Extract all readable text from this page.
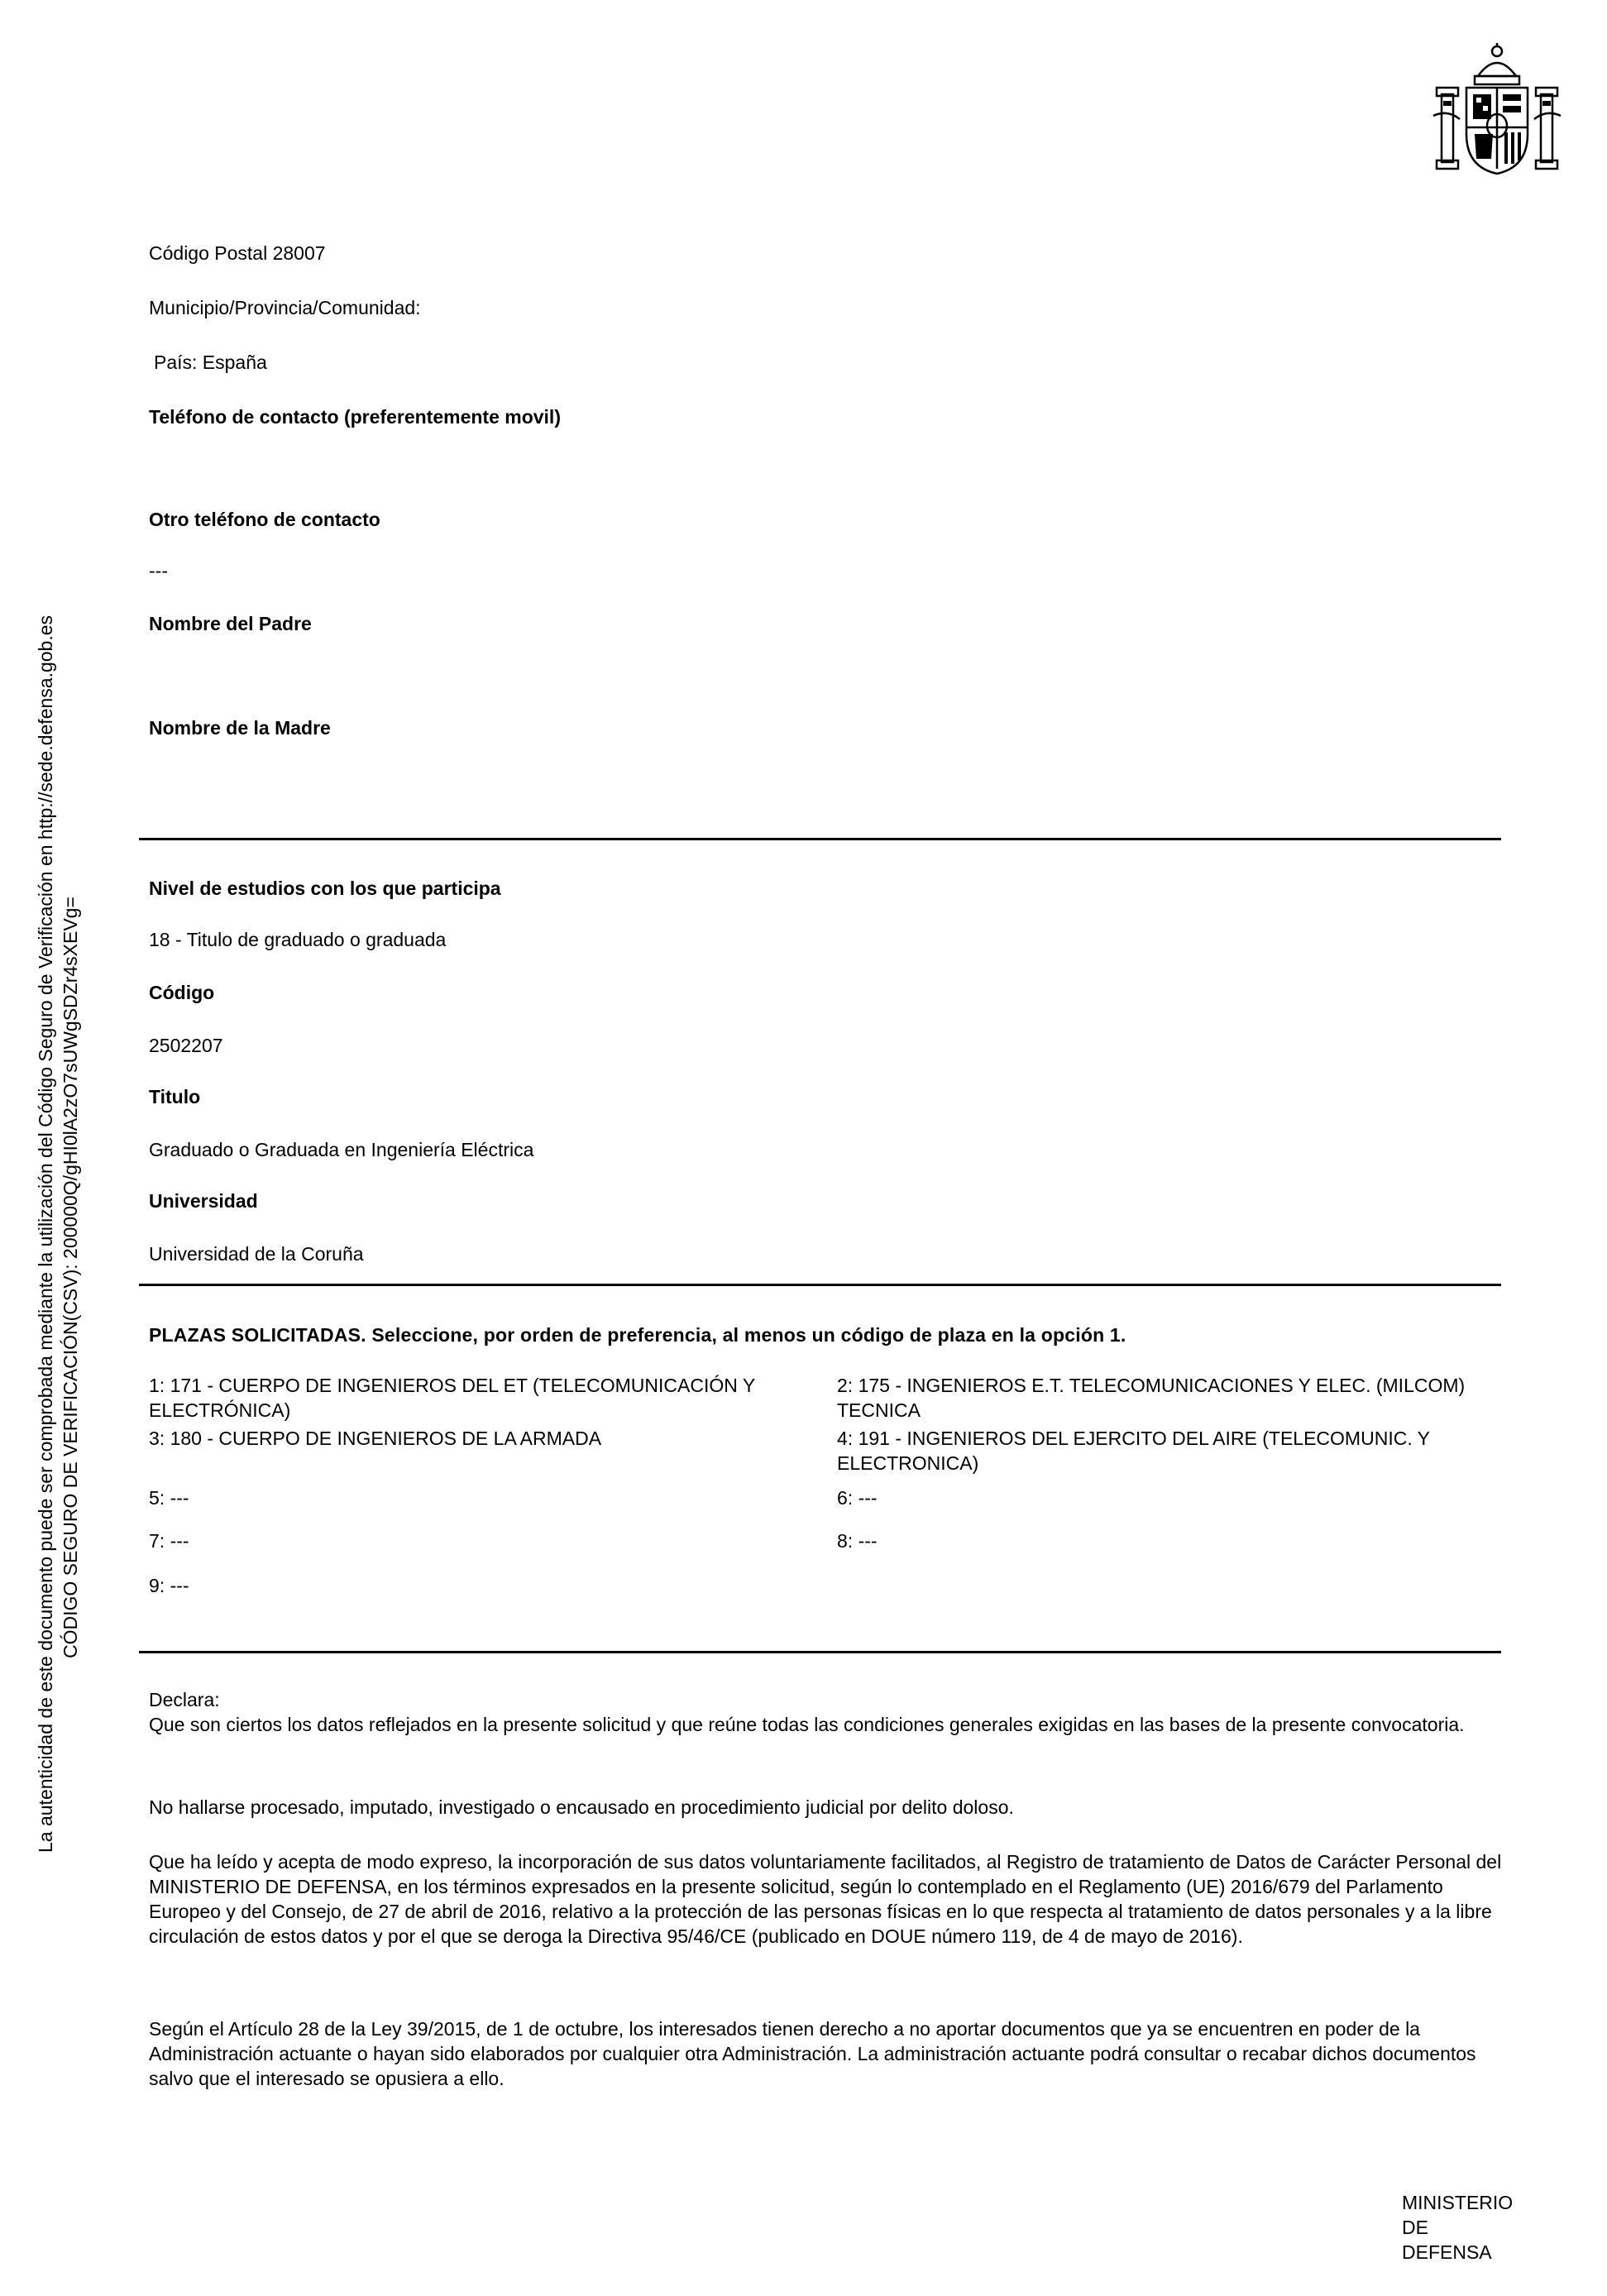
La autenticidad de este documento puede ser comprobada mediante la utilización del Código Seguro de Verificación en http://sede.defensa.gob.es CÓDIGO SEGURO DE VERIFICACIÓN(CSV): 200000Q/gHI0lA2zO7sUWgSDZr4sXEVg=
Código Postal 28007
Municipio/Provincia/Comunidad:
País: España
Teléfono de contacto (preferentemente movil)
Otro teléfono de contacto
---
Nombre del Padre
Nombre de la Madre
Nivel de estudios con los que participa
18 - Titulo de graduado o graduada
Código
2502207
Titulo
Graduado o Graduada en Ingeniería Eléctrica
Universidad
Universidad de la Coruña
PLAZAS SOLICITADAS. Seleccione, por orden de preferencia, al menos un código de plaza en la opción 1.
1: 171 - CUERPO DE INGENIEROS DEL ET (TELECOMUNICACIÓN Y ELECTRÓNICA)
2: 175 - INGENIEROS E.T. TELECOMUNICACIONES Y ELEC. (MILCOM) TECNICA
3: 180 - CUERPO DE INGENIEROS DE LA ARMADA	4: 191 - INGENIEROS DEL EJERCITO DEL AIRE (TELECOMUNIC. Y ELECTRONICA)
5: ---	6: ---
7: ---	8: ---
9: ---
Declara:
Que son ciertos los datos reflejados en la presente solicitud y que reúne todas las condiciones generales exigidas en las bases de la presente convocatoria.
No hallarse procesado, imputado, investigado o encausado en procedimiento judicial por delito doloso.
Que ha leído y acepta de modo expreso, la incorporación de sus datos voluntariamente facilitados, al Registro de tratamiento de Datos de Carácter Personal del MINISTERIO DE DEFENSA, en los términos expresados en la presente solicitud, según lo contemplado en el Reglamento (UE) 2016/679 del Parlamento Europeo y del Consejo, de 27 de abril de 2016, relativo a la protección de las personas físicas en lo que respecta al tratamiento de datos personales y a la libre circulación de estos datos y por el que se deroga la Directiva 95/46/CE (publicado en DOUE número 119, de 4 de mayo de 2016).
Según el Artículo 28 de la Ley 39/2015, de 1 de octubre, los interesados tienen derecho a no aportar documentos que ya se encuentren en poder de la Administración actuante o hayan sido elaborados por cualquier otra Administración. La administración actuante podrá consultar o recabar dichos documentos salvo que el interesado se opusiera a ello.
MINISTERIO
DE
DEFENSA
